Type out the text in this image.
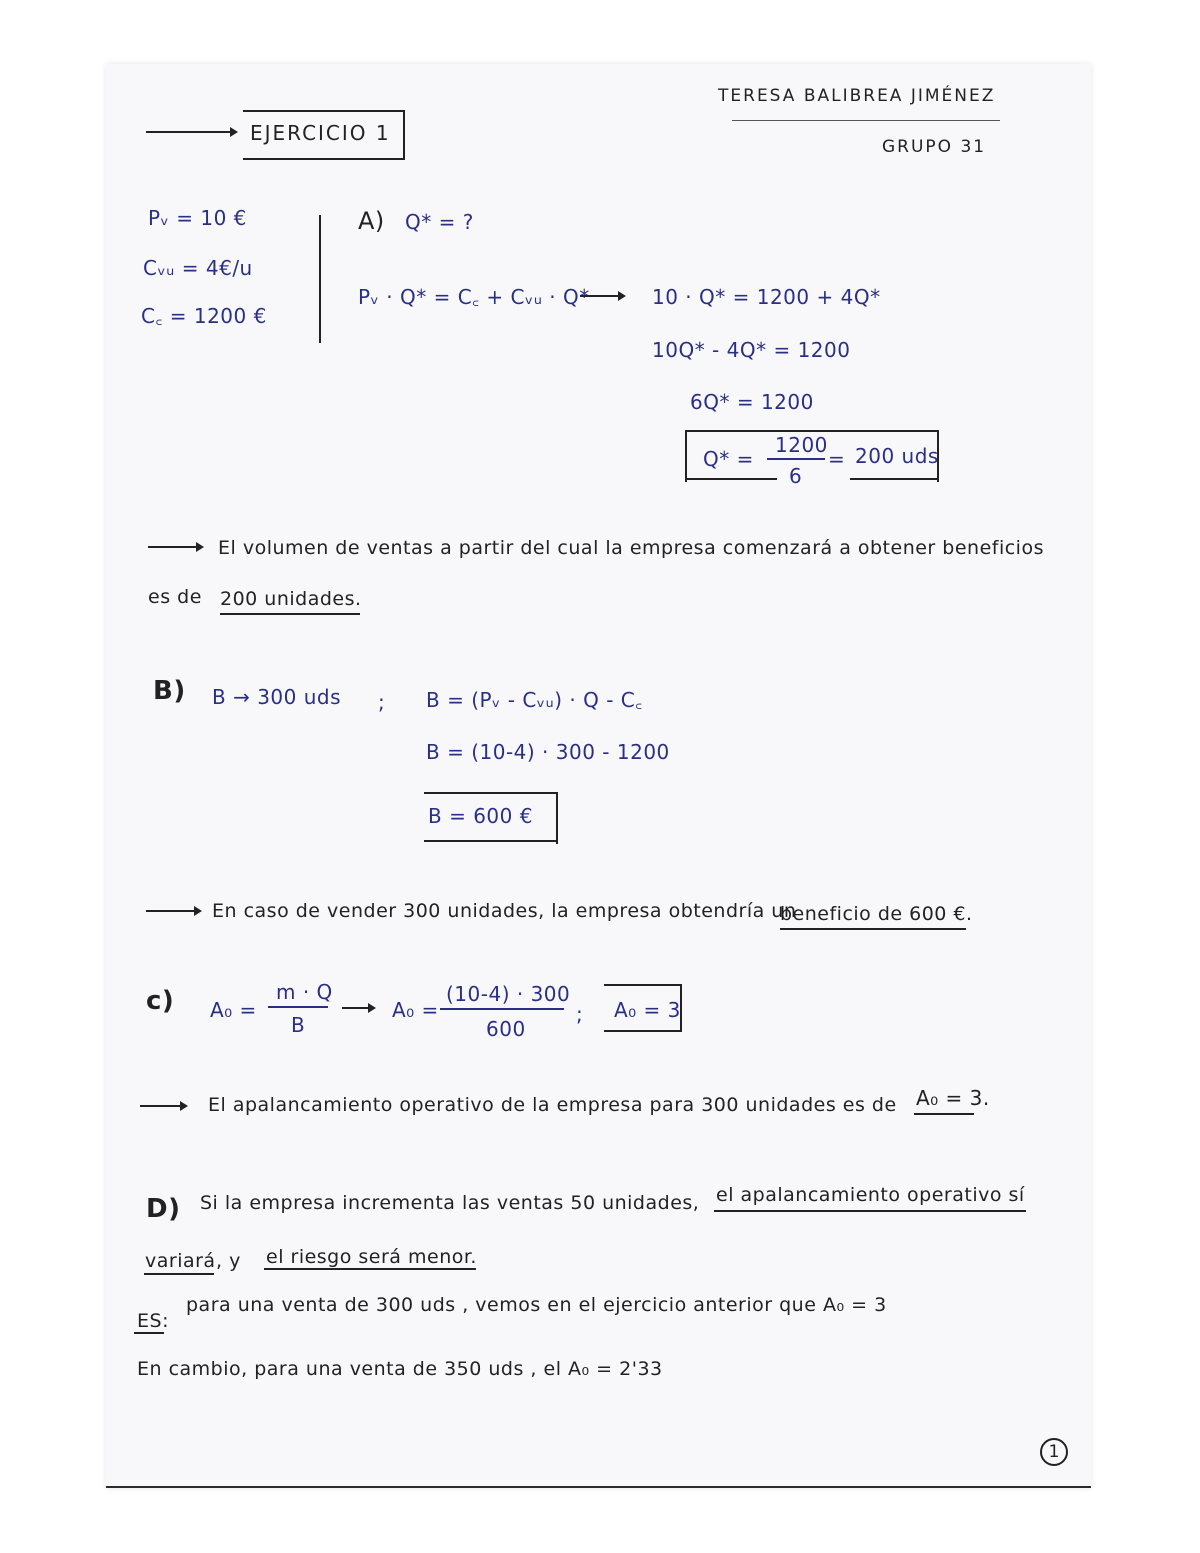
TERESA BALIBREA JIMÉNEZ
GRUPO 31
EJERCICIO 1
Pᵥ = 10 €
Cᵥᵤ = 4€/u
C꜀ = 1200 €
A) Q* = ?
Pᵥ · Q* = C꜀ + Cᵥᵤ · Q*	10 · Q* = 1200 + 4Q*
10Q* - 4Q* = 1200
6Q* = 1200
Q* =
1200
6
= 200 uds
El volumen de ventas a partir del cual la empresa comenzará a obtener beneficios
es de 200 unidades.
B) B → 300 uds ; B = (Pᵥ - Cᵥᵤ) · Q - C꜀
B = (10-4) · 300 - 1200
B = 600 €
En caso de vender 300 unidades, la empresa obtendría un
beneficio de 600 €.
c) A₀ =
m · Q
B
A₀ =
(10-4) · 300
600
; A₀ = 3
El apalancamiento operativo de la empresa para 300 unidades es de A₀ = 3.
D) Si la empresa incrementa las ventas 50 unidades, el apalancamiento operativo sí
variará , y el riesgo será menor.
ES:
para una venta de 300 uds , vemos en el ejercicio anterior que A₀ = 3
En cambio, para una venta de 350 uds , el A₀ = 2'33
1
